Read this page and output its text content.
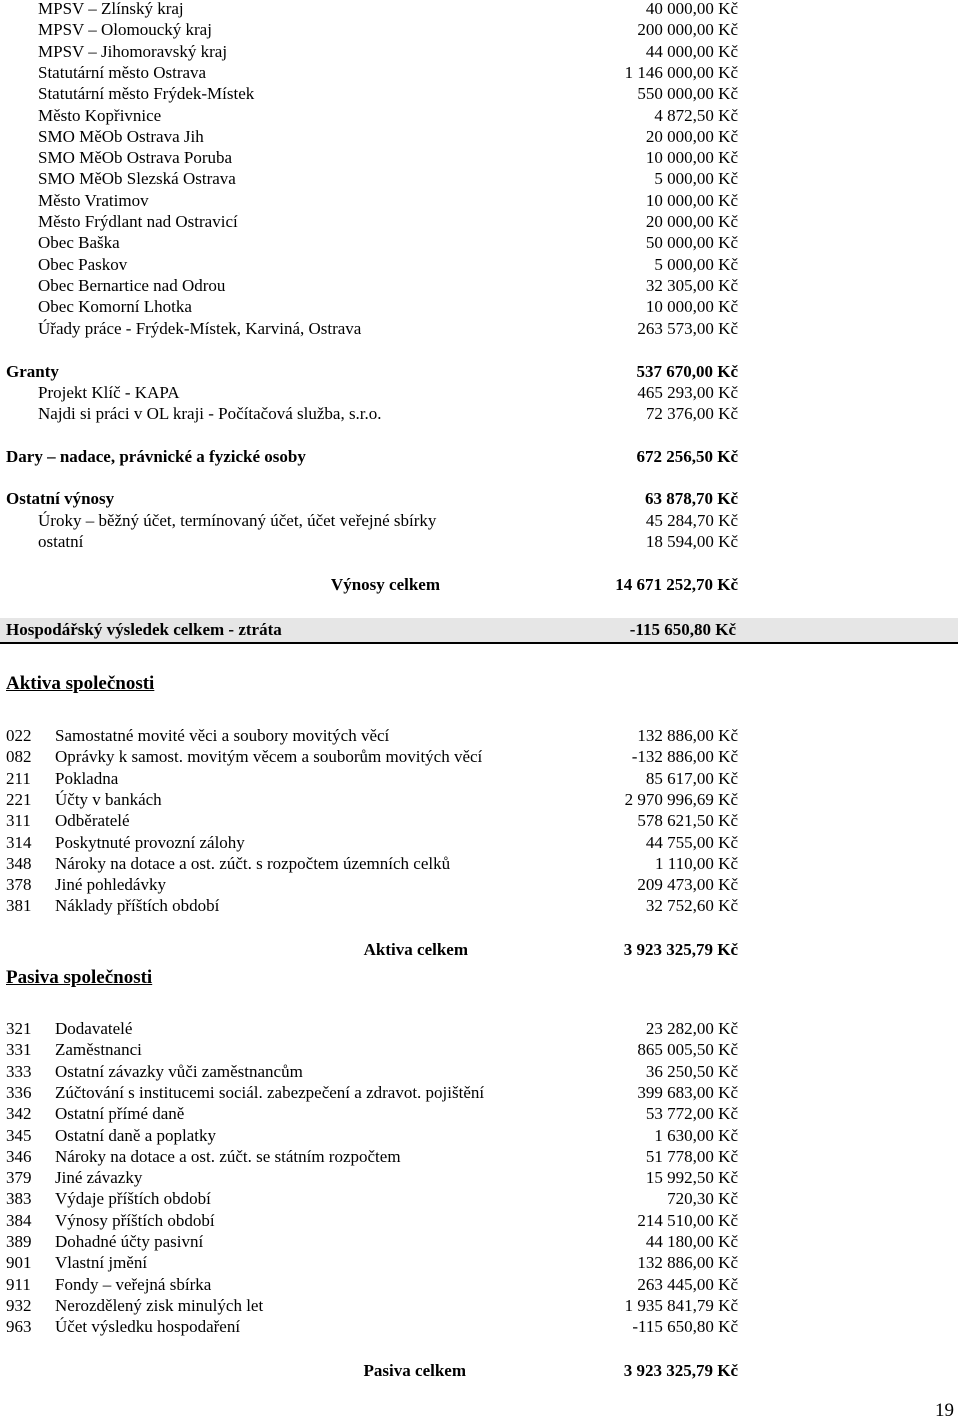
MPSV – Zlínský kraj	40 000,00 Kč
MPSV – Olomoucký kraj	200 000,00 Kč
MPSV – Jihomoravský kraj	44 000,00 Kč
Statutární město Ostrava	1 146 000,00 Kč
Statutární město Frýdek-Místek	550 000,00 Kč
Město Kopřivnice	4 872,50 Kč
SMO MěOb Ostrava Jih	20 000,00 Kč
SMO MěOb Ostrava Poruba	10 000,00 Kč
SMO MěOb Slezská Ostrava	5 000,00 Kč
Město Vratimov	10 000,00 Kč
Město Frýdlant nad Ostravicí	20 000,00 Kč
Obec Baška	50 000,00 Kč
Obec Paskov	5 000,00 Kč
Obec Bernartice nad Odrou	32 305,00 Kč
Obec Komorní Lhotka	10 000,00 Kč
Úřady práce - Frýdek-Místek, Karviná, Ostrava	263 573,00 Kč
Granty	537 670,00 Kč
Projekt Klíč - KAPA	465 293,00 Kč
Najdi si práci v OL kraji - Počítačová služba, s.r.o.	72 376,00 Kč
Dary – nadace, právnické a fyzické osoby	672 256,50 Kč
Ostatní výnosy	63 878,70 Kč
Úroky – běžný účet, termínovaný účet, účet veřejné sbírky	45 284,70 Kč
ostatní	18 594,00 Kč
Výnosy celkem	14 671 252,70 Kč
Hospodářský výsledek celkem - ztráta	-115 650,80 Kč
Aktiva společnosti
022 Samostatné movité věci a soubory movitých věcí	132 886,00 Kč
082 Oprávky k samost. movitým věcem a souborům movitých věcí	-132 886,00 Kč
211 Pokladna	85 617,00 Kč
221 Účty v bankách	2 970 996,69 Kč
311 Odběratelé	578 621,50 Kč
314 Poskytnuté provozní zálohy	44 755,00 Kč
348 Nároky na dotace a ost. zúčt. s rozpočtem územních celků	1 110,00 Kč
378 Jiné pohledávky	209 473,00 Kč
381 Náklady příštích období	32 752,60 Kč
Aktiva celkem	3 923 325,79 Kč
Pasiva společnosti
321 Dodavatelé	23 282,00 Kč
331 Zaměstnanci	865 005,50 Kč
333 Ostatní závazky vůči zaměstnancům	36 250,50 Kč
336 Zúčtování s institucemi sociál. zabezpečení a zdravot. pojištění	399 683,00 Kč
342 Ostatní přímé daně	53 772,00 Kč
345 Ostatní daně a poplatky	1 630,00 Kč
346 Nároky na dotace a ost. zúčt. se státním rozpočtem	51 778,00 Kč
379 Jiné závazky	15 992,50 Kč
383 Výdaje příštích období	720,30 Kč
384 Výnosy příštích období	214 510,00 Kč
389 Dohadné účty pasivní	44 180,00 Kč
901 Vlastní jmění	132 886,00 Kč
911 Fondy – veřejná sbírka	263 445,00 Kč
932 Nerozdělený zisk minulých let	1 935 841,79 Kč
963 Účet výsledku hospodaření	-115 650,80 Kč
Pasiva celkem	3 923 325,79 Kč
19
